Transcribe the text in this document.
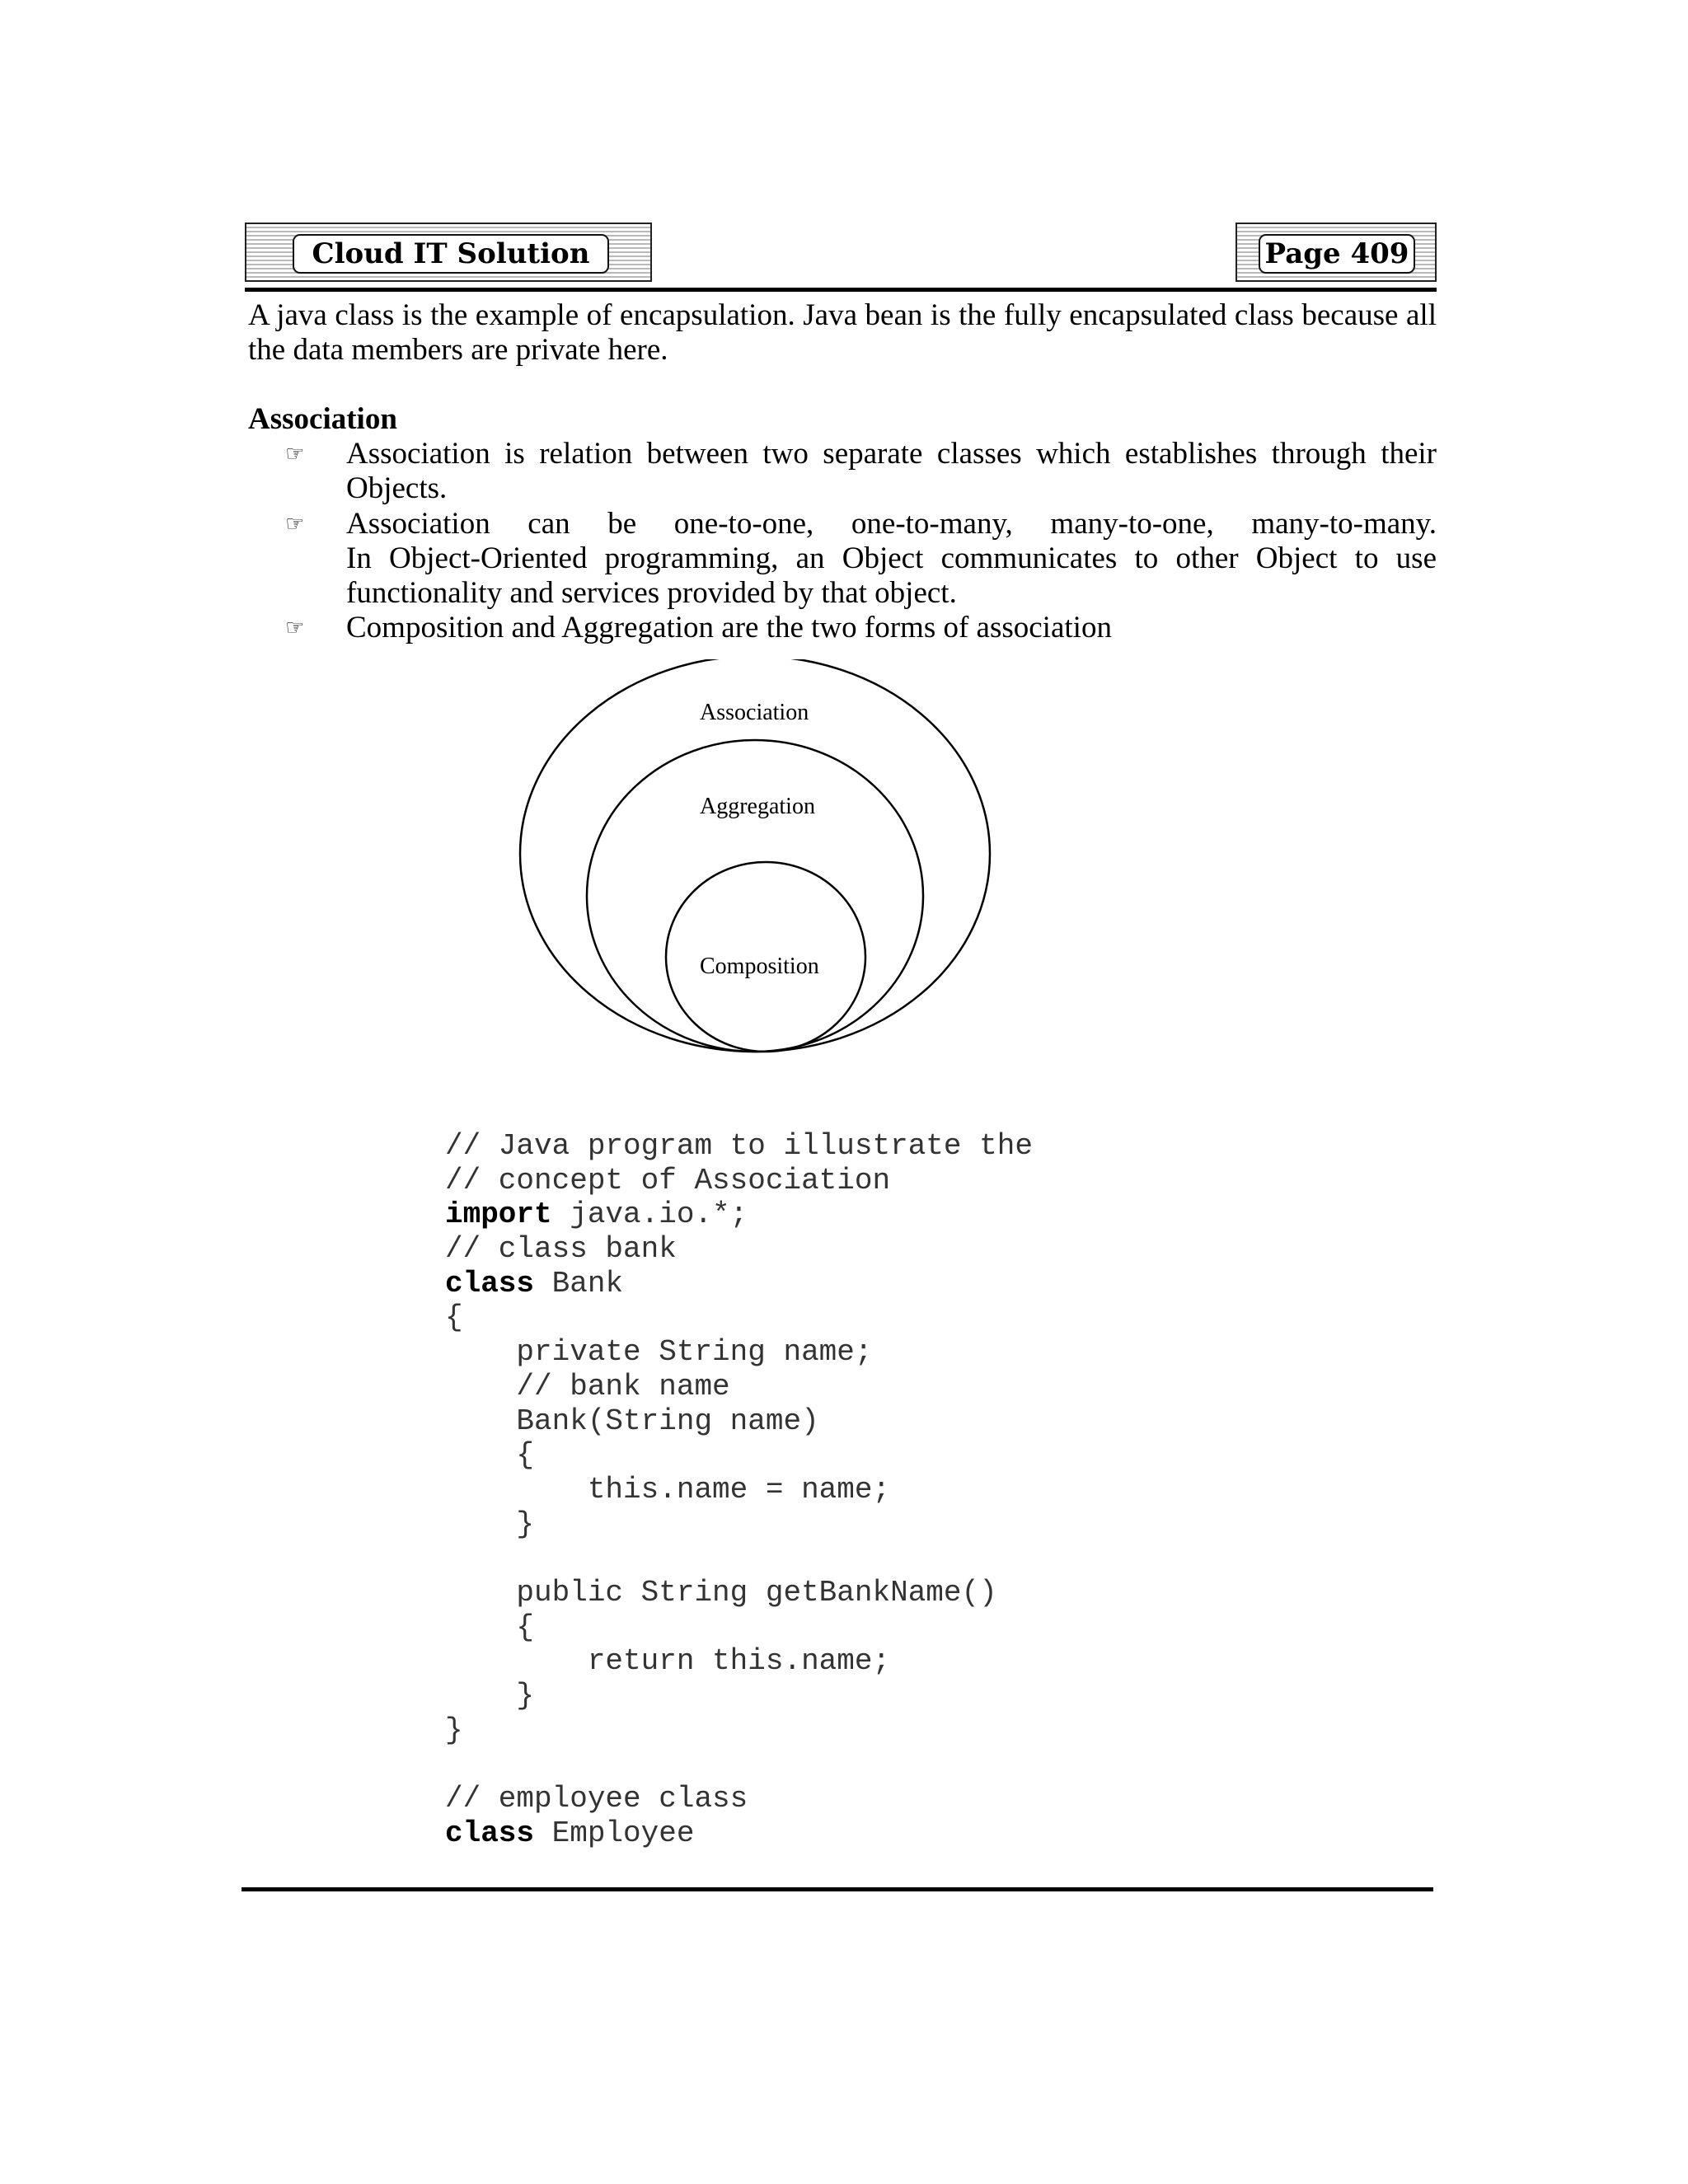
Cloud IT Solution	Page 409
A java class is the example of encapsulation. Java bean is the fully encapsulated class because all the data members are private here.
Association
☞ Association is relation between two separate classes which establishes through their Objects.
☞ Association can be one-to-one, one-to-many, many-to-one, many-to-many.
In Object-Oriented programming, an Object communicates to other Object to use functionality and services provided by that object.
☞ Composition and Aggregation are the two forms of association
Association
Aggregation
Composition
// Java program to illustrate the
// concept of Association
import java.io.*;
// class bank
class Bank
{
private String name;
// bank name
Bank(String name)
{
this.name = name;
}
public String getBankName()
{
return this.name;
}
}
// employee class
class Employee
